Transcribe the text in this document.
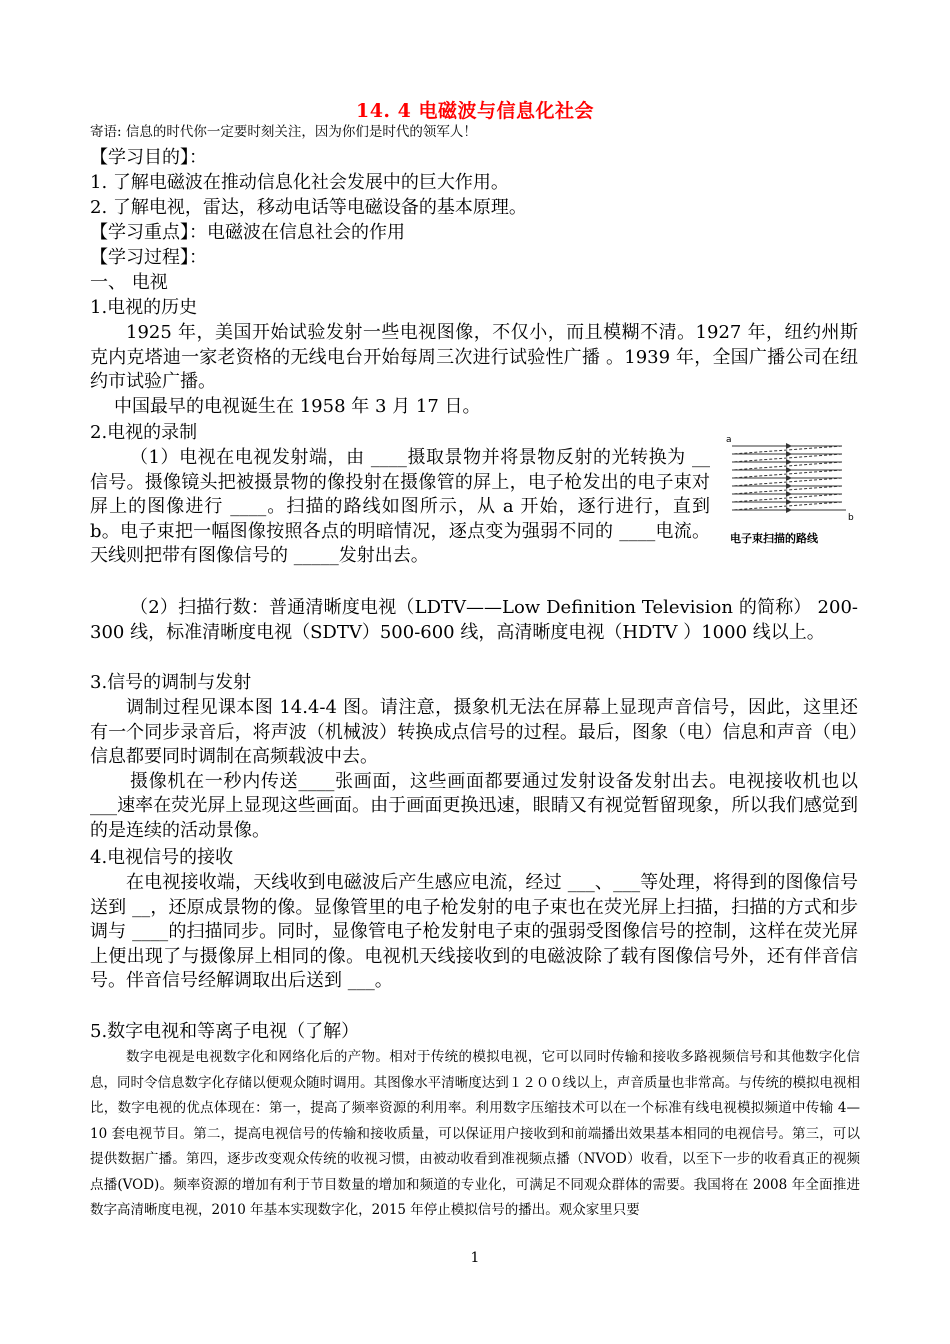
14. 4 电磁波与信息化社会
寄语: 信息的时代你一定要时刻关注，因为你们是时代的领军人！
【学习目的】：
1. 了解电磁波在推动信息化社会发展中的巨大作用。
2. 了解电视，雷达，移动电话等电磁设备的基本原理。
【学习重点】：电磁波在信息社会的作用
【学习过程】：
一、 电视
1.电视的历史

1925 年，美国开始试验发射一些电视图像，不仅小，而且模糊不清。1927 年，纽约州斯克内克塔迪一家老资格的无线电台开始每周三次进行试验性广播 。1939 年，全国广播公司在纽约市试验广播。

中国最早的电视诞生在 1958 年 3 月 17 日。

2.电视的录制

（1）电视在电视发射端，由 ____摄取景物并将景物反射的光转换为 __信号。摄像镜头把被摄景物的像投射在摄像管的屏上，电子枪发出的电子束对屏上的图像进行 ____。扫描的路线如图所示，从 a 开始，逐行进行，直到 b。电子束把一幅图像按照各点的明暗情况，逐点变为强弱不同的 ____电流。天线则把带有图像信号的 _____发射出去。

a
b
电子束扫描的路线

（2）扫描行数：普通清晰度电视（LDTV——Low Definition Television 的简称） 200-300 线，标准清晰度电视（SDTV）500-600 线，高清晰度电视（HDTV ）1000 线以上。

3.信号的调制与发射

调制过程见课本图 14.4-4 图。请注意，摄象机无法在屏幕上显现声音信号，因此，这里还有一个同步录音后，将声波（机械波）转换成点信号的过程。最后，图象（电）信息和声音（电）信息都要同时调制在高频载波中去。

摄像机在一秒内传送____张画面，这些画面都要通过发射设备发射出去。电视接收机也以 ___速率在荧光屏上显现这些画面。由于画面更换迅速，眼睛又有视觉暂留现象，所以我们感觉到的是连续的活动景像。

4.电视信号的接收

在电视接收端，天线收到电磁波后产生感应电流，经过 ___、___等处理，将得到的图像信号送到 __，还原成景物的像。显像管里的电子枪发射的电子束也在荧光屏上扫描，扫描的方式和步调与 ____的扫描同步。同时，显像管电子枪发射电子束的强弱受图像信号的控制，这样在荧光屏上便出现了与摄像屏上相同的像。电视机天线接收到的电磁波除了载有图像信号外，还有伴音信号。伴音信号经解调取出后送到 ___。

5.数字电视和等离子电视（了解）

数字电视是电视数字化和网络化后的产物。相对于传统的模拟电视，它可以同时传输和接收多路视频信号和其他数字化信息，同时令信息数字化存储以便观众随时调用。其图像水平清晰度达到１２００线以上，声音质量也非常高。与传统的模拟电视相比，数字电视的优点体现在：第一，提高了频率资源的利用率。利用数字压缩技术可以在一个标准有线电视模拟频道中传输 4—10 套电视节目。第二，提高电视信号的传输和接收质量，可以保证用户接收到和前端播出效果基本相同的电视信号。第三，可以提供数据广播。第四，逐步改变观众传统的收视习惯，由被动收看到准视频点播（NVOD）收看，以至下一步的收看真正的视频点播(VOD)。频率资源的增加有利于节目数量的增加和频道的专业化，可满足不同观众群体的需要。我国将在 2008 年全面推进数字高清晰度电视，2010 年基本实现数字化，2015 年停止模拟信号的播出。观众家里只要

1
